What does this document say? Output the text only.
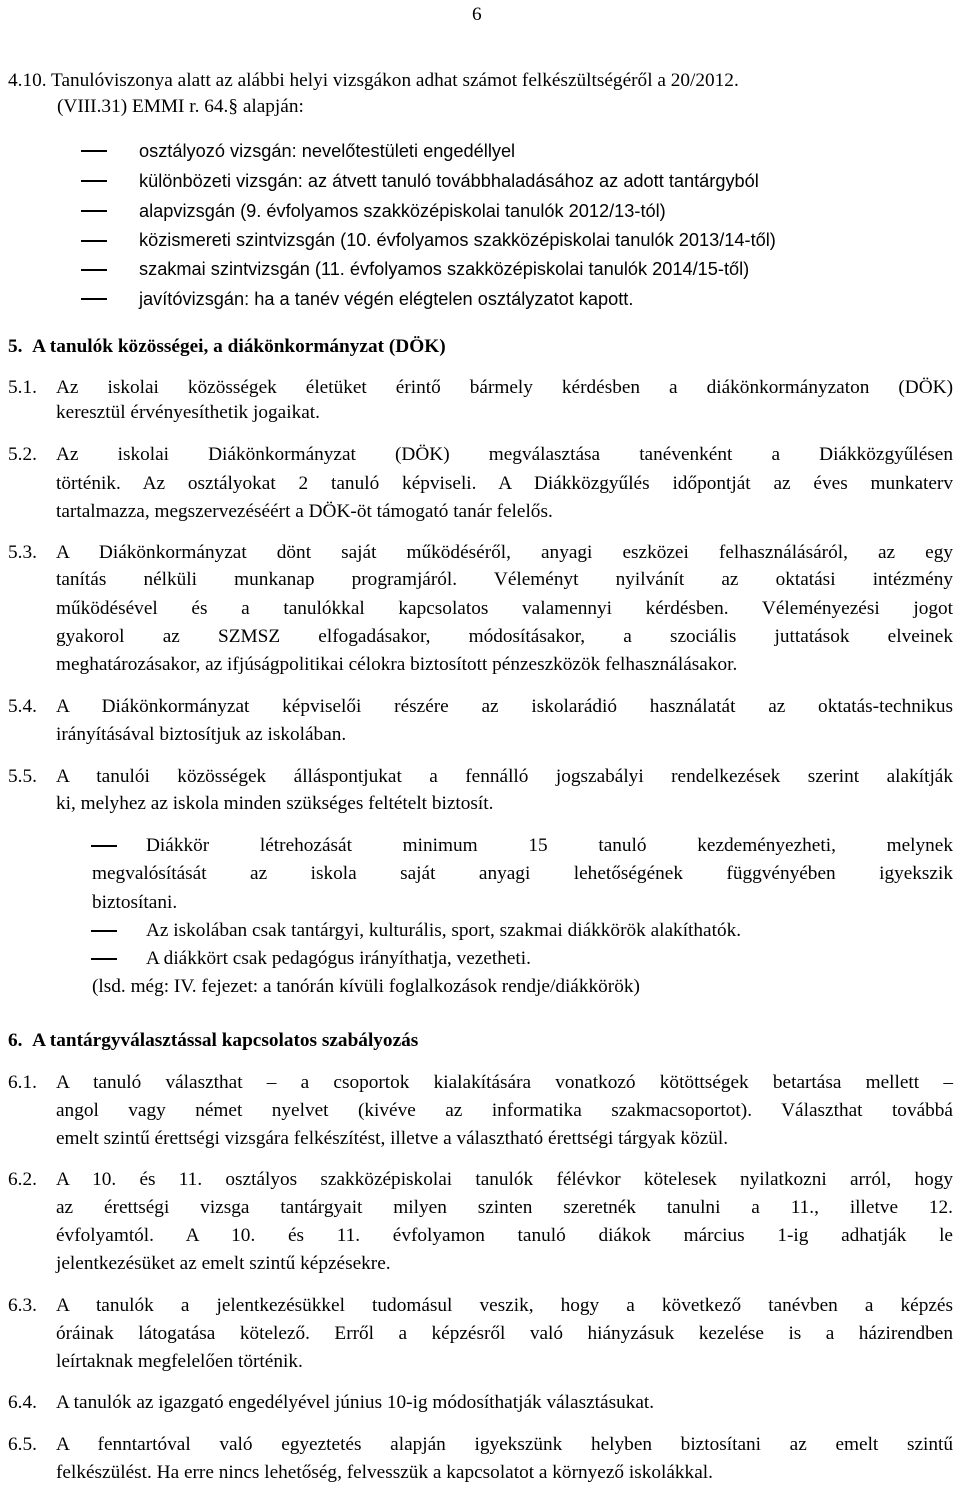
6
4.10. Tanulóviszonya alatt az alábbi helyi vizsgákon adhat számot felkészültségéről a 20/2012.
(VIII.31) EMMI r. 64.§ alapján:
osztályozó vizsgán: nevelőtestületi engedéllyel
különbözeti vizsgán: az átvett tanuló továbbhaladásához az adott tantárgyból
alapvizsgán (9. évfolyamos szakközépiskolai tanulók 2012/13-tól)
közismereti szintvizsgán (10. évfolyamos szakközépiskolai tanulók 2013/14-től)
szakmai szintvizsgán (11. évfolyamos szakközépiskolai tanulók 2014/15-től)
javítóvizsgán: ha a tanév végén elégtelen osztályzatot kapott.
5. A tanulók közösségei, a diákönkormányzat (DÖK)
5.1. Az iskolai közösségek életüket érintő bármely kérdésben a diákönkormányzaton (DÖK)
keresztül érvényesíthetik jogaikat.
5.2. Az iskolai Diákönkormányzat (DÖK) megválasztása tanévenként a Diákközgyűlésen
történik. Az osztályokat 2 tanuló képviseli. A Diákközgyűlés időpontját az éves munkaterv
tartalmazza, megszervezéséért a DÖK-öt támogató tanár felelős.
5.3. A Diákönkormányzat dönt saját működéséről, anyagi eszközei felhasználásáról, az egy
tanítás nélküli munkanap programjáról. Véleményt nyilvánít az oktatási intézmény
működésével és a tanulókkal kapcsolatos valamennyi kérdésben. Véleményezési jogot
gyakorol az SZMSZ elfogadásakor, módosításakor, a szociális juttatások elveinek
meghatározásakor, az ifjúságpolitikai célokra biztosított pénzeszközök felhasználásakor.
5.4. A Diákönkormányzat képviselői részére az iskolarádió használatát az oktatás-technikus
irányításával biztosítjuk az iskolában.
5.5. A tanulói közösségek álláspontjukat a fennálló jogszabályi rendelkezések szerint alakítják
ki, melyhez az iskola minden szükséges feltételt biztosít.
Diákkör létrehozását minimum 15 tanuló kezdeményezheti, melynek
megvalósítását az iskola saját anyagi lehetőségének függvényében igyekszik
biztosítani.
Az iskolában csak tantárgyi, kulturális, sport, szakmai diákkörök alakíthatók.
A diákkört csak pedagógus irányíthatja, vezetheti.
(lsd. még: IV. fejezet: a tanórán kívüli foglalkozások rendje/diákkörök)
6. A tantárgyválasztással kapcsolatos szabályozás
6.1. A tanuló választhat – a csoportok kialakítására vonatkozó kötöttségek betartása mellett –
angol vagy német nyelvet (kivéve az informatika szakmacsoportot). Választhat továbbá
emelt szintű érettségi vizsgára felkészítést, illetve a választható érettségi tárgyak közül.
6.2. A 10. és 11. osztályos szakközépiskolai tanulók félévkor kötelesek nyilatkozni arról, hogy
az érettségi vizsga tantárgyait milyen szinten szeretnék tanulni a 11., illetve 12.
évfolyamtól. A 10. és 11. évfolyamon tanuló diákok március 1-ig adhatják le
jelentkezésüket az emelt szintű képzésekre.
6.3. A tanulók a jelentkezésükkel tudomásul veszik, hogy a következő tanévben a képzés
óráinak látogatása kötelező. Erről a képzésről való hiányzásuk kezelése is a házirendben
leírtaknak megfelelően történik.
6.4. A tanulók az igazgató engedélyével június 10-ig módosíthatják választásukat.
6.5. A fenntartóval való egyeztetés alapján igyekszünk helyben biztosítani az emelt szintű
felkészülést. Ha erre nincs lehetőség, felvesszük a kapcsolatot a környező iskolákkal.
